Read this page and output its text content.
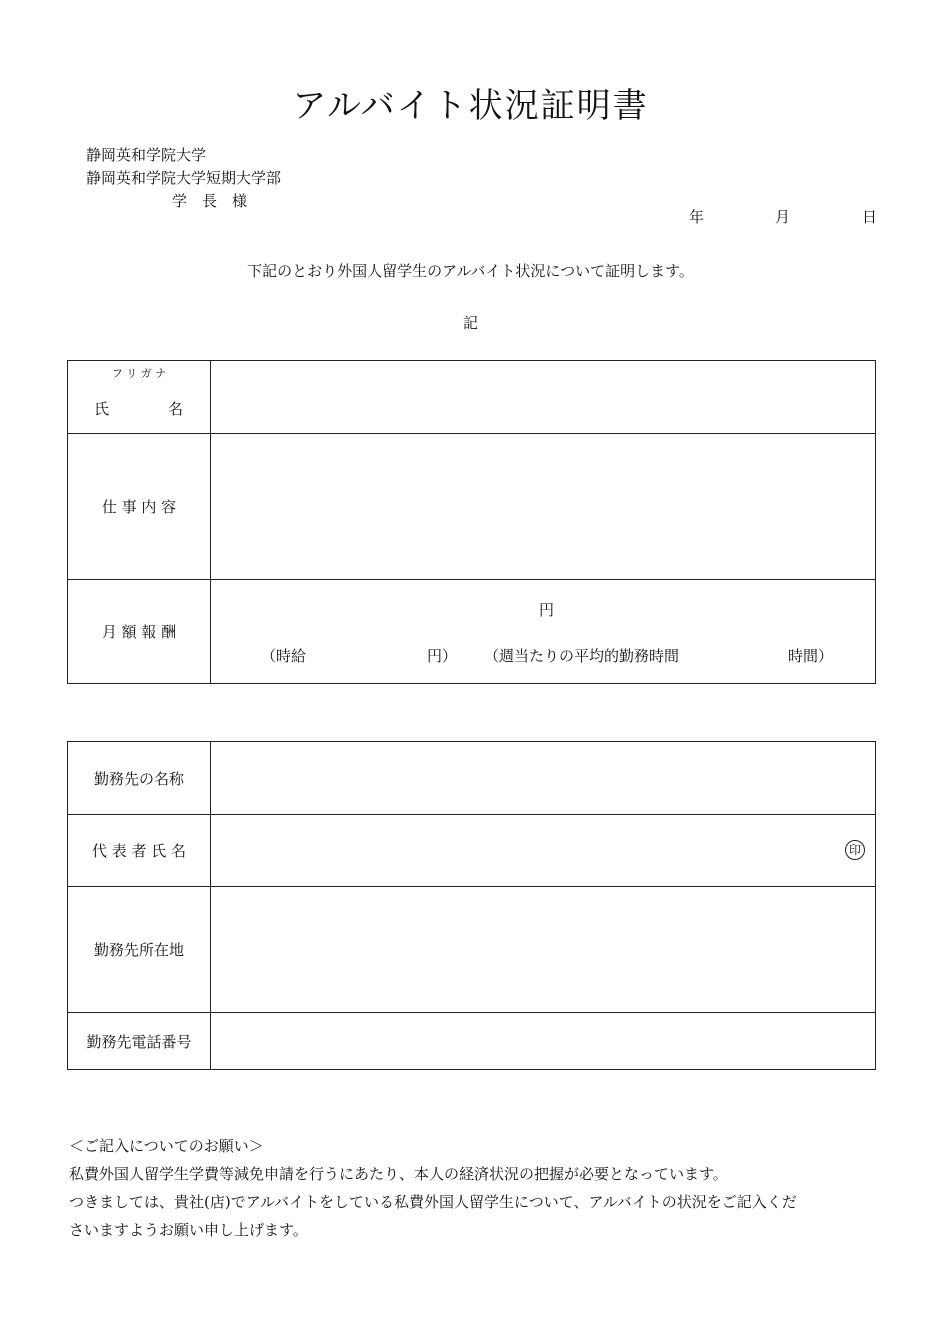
アルバイト状況証明書
静岡英和学院大学
静岡英和学院大学短期大学部
学　長　様
年	月	日
下記のとおり外国人留学生のアルバイト状況について証明します。
記
フ リ ガ ナ
氏 名	

仕 事 内 容	
月 額 報 酬	円
（時給 円） （週当たりの平均的勤務時間 時間）
勤務先の名称	
代 表 者 氏 名	印

勤務先所在地	
勤務先電話番号	
＜ご記入についてのお願い＞
私費外国人留学生学費等減免申請を行うにあたり、本人の経済状況の把握が必要となっています。
つきましては、貴社(店)でアルバイトをしている私費外国人留学生について、アルバイトの状況をご記入くだ
さいますようお願い申し上げます。
